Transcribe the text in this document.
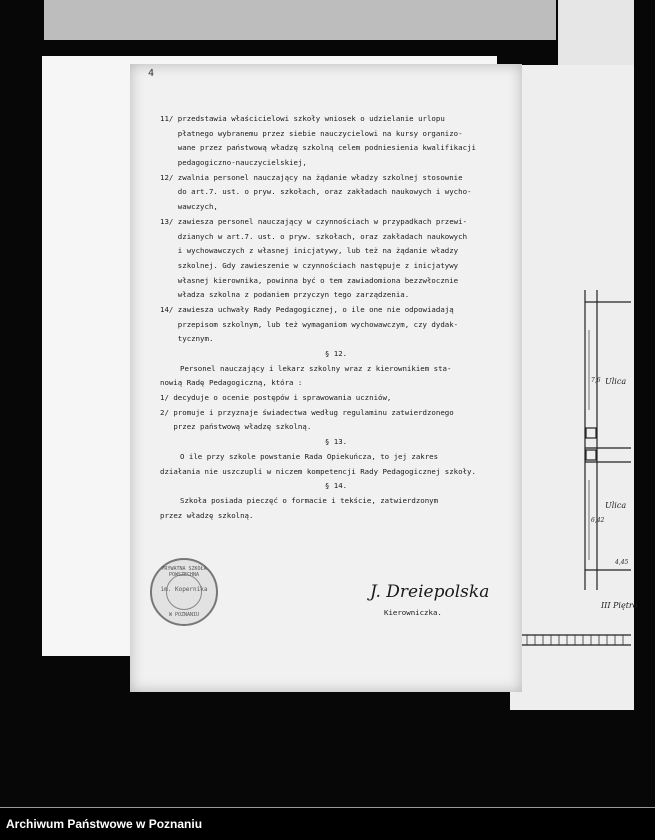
Ulica
7,6
Ulica
6,42
4,45
III Piętro
4
11/ przedstawia właścicielowi szkoły wniosek o udzielanie urlopu
płatnego wybranemu przez siebie nauczycielowi na kursy organizo-
wane przez państwową władzę szkolną celem podniesienia kwalifikacji
pedagogiczno-nauczycielskiej,
12/ zwalnia personel nauczający na żądanie władzy szkolnej stosownie
do art.7. ust. o pryw. szkołach, oraz zakładach naukowych i wycho-
wawczych,
13/ zawiesza personel nauczający w czynnościach w przypadkach przewi-
dzianych w art.7. ust. o pryw. szkołach, oraz zakładach naukowych
i wychowawczych z własnej inicjatywy, lub też na żądanie władzy
szkolnej. Gdy zawieszenie w czynnościach następuje z inicjatywy
własnej kierownika, powinna być o tem zawiadomiona bezzwłocznie
władza szkolna z podaniem przyczyn tego zarządzenia.
14/ zawiesza uchwały Rady Pedagogicznej, o ile one nie odpowiadają
przepisom szkolnym, lub też wymaganiom wychowawczym, czy dydak-
tycznym.
§ 12.
Personel nauczający i lekarz szkolny wraz z kierownikiem sta-
nowią Radę Pedagogiczną, która :
1/ decyduje o ocenie postępów i sprawowania uczniów,
2/ promuje i przyznaje świadectwa według regulaminu zatwierdzonego
przez państwową władzę szkolną.
§ 13.
O ile przy szkole powstanie Rada Opiekuńcza, to jej zakres
działania nie uszczupli w niczem kompetencji Rady Pedagogicznej szkoły.
§ 14.
Szkoła posiada pieczęć o formacie i tekście, zatwierdzonym
przez władzę szkolną.
PRYWATNA SZKOŁA POWSZECHNA
im. Kopernika
W POZNANIU
J. Dreiepolska
Kierowniczka.
Archiwum Państwowe w Poznaniu
